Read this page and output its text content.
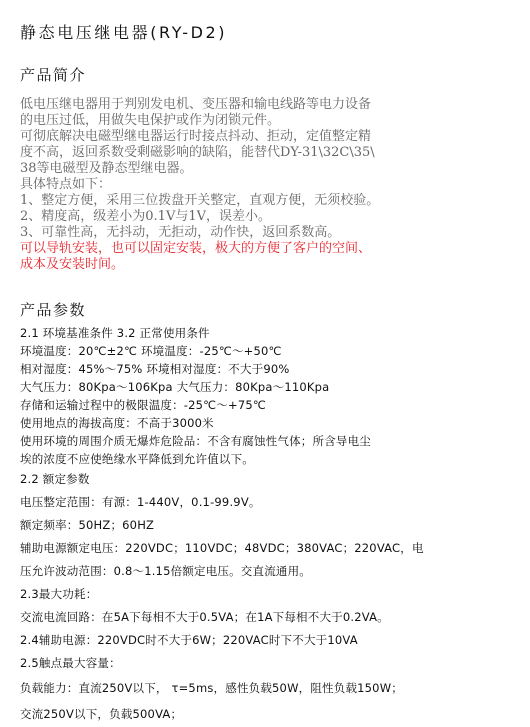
静态电压继电器(RY-D2)
产品简介

低电压继电器用于判别发电机、变压器和输电线路等电力设备

的电压过低，用做失电保护或作为闭锁元件。

可彻底解决电磁型继电器运行时接点抖动、拒动，定值整定精

度不高，返回系数受剩磁影响的缺陷，能替代DY-31\32C\35\

38等电磁型及静态型继电器。

具体特点如下：

1、整定方便，采用三位拨盘开关整定，直观方便，无须校验。

2、精度高，级差小为0.1V与1V，误差小。

3、可靠性高，无抖动，无拒动，动作快，返回系数高。

可以导轨安装，也可以固定安装，极大的方便了客户的空间、

成本及安装时间。

产品参数

2.1 环境基准条件 3.2 正常使用条件

环境温度：20℃±2℃ 环境温度：-25℃～+50℃

相对湿度：45%～75% 环境相对湿度：不大于90%

大气压力：80Kpa～106Kpa 大气压力：80Kpa～110Kpa

存储和运输过程中的极限温度：-25℃～+75℃

使用地点的海拔高度：不高于3000米

使用环境的周围介质无爆炸危险品：不含有腐蚀性气体；所含导电尘

埃的浓度不应使绝缘水平降低到允许值以下。

2.2 额定参数

电压整定范围：有源：1-440V，0.1-99.9V。

额定频率：50HZ；60HZ

辅助电源额定电压：220VDC；110VDC；48VDC；380VAC；220VAC，电

压允许波动范围：0.8～1.15倍额定电压。交直流通用。

2.3最大功耗：

交流电流回路：在5A下每相不大于0.5VA；在1A下每相不大于0.2VA。

2.4辅助电源：220VDC时不大于6W；220VAC时下不大于10VA

2.5触点最大容量：

负载能力：直流250V以下， τ=5ms，感性负载50W，阻性负载150W；

交流250V以下，负载500VA；
